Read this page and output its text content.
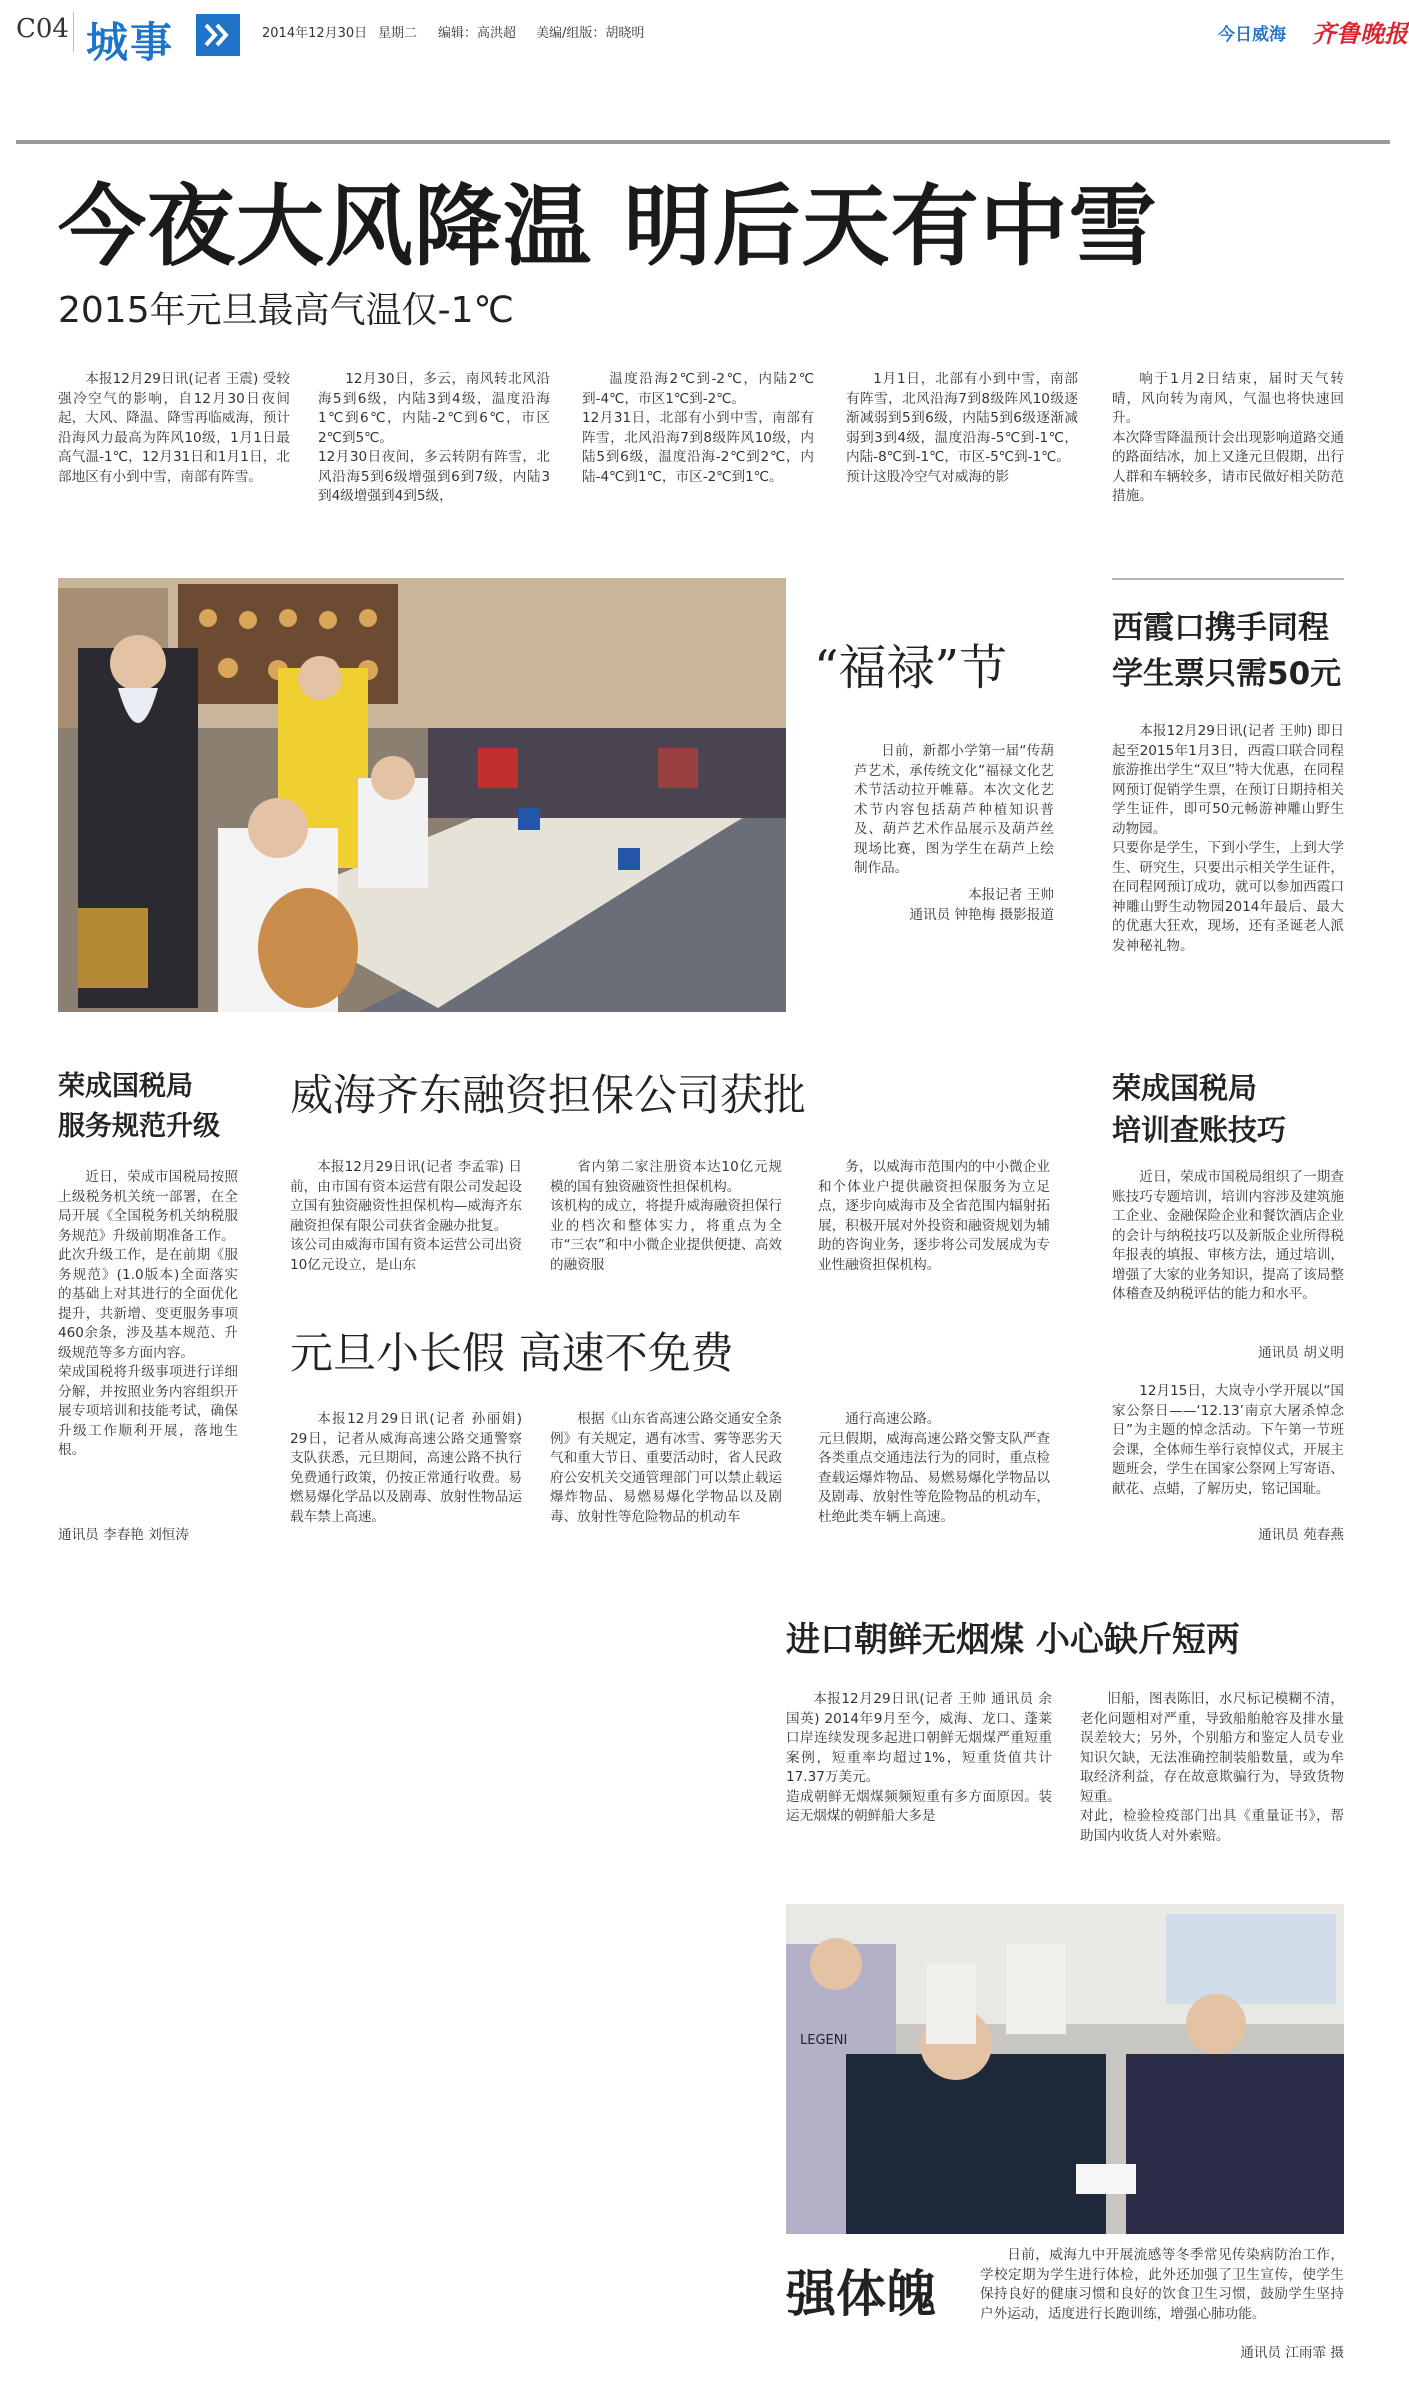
C04 城事	2014年12月30日 星期二 编辑：高洪超 美编/组版：胡晓明	今日威海 齐鲁晚报
今夜大风降温 明后天有中雪
2015年元旦最高气温仅-1℃

本报12月29日讯(记者 王震) 受较强冷空气的影响，自12月30日夜间起，大风、降温、降雪再临威海，预计沿海风力最高为阵风10级，1月1日最高气温-1℃，12月31日和1月1日，北部地区有小到中雪，南部有阵雪。

12月30日，多云，南风转北风沿海5到6级，内陆3到4级，温度沿海1℃到6℃，内陆-2℃到6℃，市区2℃到5℃。
12月30日夜间，多云转阴有阵雪，北风沿海5到6级增强到6到7级，内陆3到4级增强到4到5级，

温度沿海2℃到-2℃，内陆2℃到-4℃，市区1℃到-2℃。
12月31日，北部有小到中雪，南部有阵雪，北风沿海7到8级阵风10级，内陆5到6级，温度沿海-2℃到2℃，内陆-4℃到1℃，市区-2℃到1℃。

1月1日，北部有小到中雪，南部有阵雪，北风沿海7到8级阵风10级逐渐减弱到5到6级，内陆5到6级逐渐减弱到3到4级，温度沿海-5℃到-1℃，内陆-8℃到-1℃，市区-5℃到-1℃。
预计这股冷空气对威海的影

响于1月2日结束，届时天气转晴，风向转为南风，气温也将快速回升。
本次降雪降温预计会出现影响道路交通的路面结冰，加上又逢元旦假期，出行人群和车辆较多，请市民做好相关防范措施。

“福禄”节

日前，新都小学第一届“传葫芦艺术，承传统文化”福禄文化艺术节活动拉开帷幕。本次文化艺术节内容包括葫芦种植知识普及、葫芦艺术作品展示及葫芦丝现场比赛，图为学生在葫芦上绘制作品。

本报记者 王帅
通讯员 钟艳梅 摄影报道
西霞口携手同程
学生票只需50元

本报12月29日讯(记者 王帅) 即日起至2015年1月3日，西霞口联合同程旅游推出学生“双旦”特大优惠，在同程网预订促销学生票，在预订日期持相关学生证件，即可50元畅游神雕山野生动物园。
只要你是学生，下到小学生，上到大学生、研究生，只要出示相关学生证件，在同程网预订成功，就可以参加西霞口神雕山野生动物园2014年最后、最大的优惠大狂欢，现场，还有圣诞老人派发神秘礼物。

荣成国税局
服务规范升级

近日，荣成市国税局按照上级税务机关统一部署，在全局开展《全国税务机关纳税服务规范》升级前期准备工作。
此次升级工作，是在前期《服务规范》(1.0版本)全面落实的基础上对其进行的全面优化提升，共新增、变更服务事项460余条，涉及基本规范、升级规范等多方面内容。
荣成国税将升级事项进行详细分解，并按照业务内容组织开展专项培训和技能考试，确保升级工作顺利开展，落地生根。

通讯员 李春艳 刘恒涛
威海齐东融资担保公司获批

本报12月29日讯(记者 李孟霏) 日前，由市国有资本运营有限公司发起设立国有独资融资性担保机构—威海齐东融资担保有限公司获省金融办批复。
该公司由威海市国有资本运营公司出资10亿元设立，是山东

省内第二家注册资本达10亿元规模的国有独资融资性担保机构。
该机构的成立，将提升威海融资担保行业的档次和整体实力，将重点为全市“三农”和中小微企业提供便捷、高效的融资服

务，以威海市范围内的中小微企业和个体业户提供融资担保服务为立足点，逐步向威海市及全省范围内辐射拓展，积极开展对外投资和融资规划为辅助的咨询业务，逐步将公司发展成为专业性融资担保机构。

元旦小长假 高速不免费

本报12月29日讯(记者 孙丽娟) 29日，记者从威海高速公路交通警察支队获悉，元旦期间，高速公路不执行免费通行政策，仍按正常通行收费。易燃易爆化学品以及剧毒、放射性物品运载车禁上高速。

根据《山东省高速公路交通安全条例》有关规定，遇有冰雪、雾等恶劣天气和重大节日、重要活动时，省人民政府公安机关交通管理部门可以禁止载运爆炸物品、易燃易爆化学物品以及剧毒、放射性等危险物品的机动车

通行高速公路。
元旦假期，威海高速公路交警支队严查各类重点交通违法行为的同时，重点检查载运爆炸物品、易燃易爆化学物品以及剧毒、放射性等危险物品的机动车，杜绝此类车辆上高速。

荣成国税局
培训查账技巧

近日，荣成市国税局组织了一期查账技巧专题培训，培训内容涉及建筑施工企业、金融保险企业和餐饮酒店企业的会计与纳税技巧以及新版企业所得税年报表的填报、审核方法，通过培训，增强了大家的业务知识，提高了该局整体稽查及纳税评估的能力和水平。

通讯员 胡义明

12月15日，大岚寺小学开展以“国家公祭日——‘12.13’南京大屠杀悼念日”为主题的悼念活动。下午第一节班会课，全体师生举行哀悼仪式，开展主题班会，学生在国家公祭网上写寄语、献花、点蜡，了解历史，铭记国耻。

通讯员 苑春燕
进口朝鲜无烟煤 小心缺斤短两

本报12月29日讯(记者 王帅 通讯员 余国英) 2014年9月至今，威海、龙口、蓬莱口岸连续发现多起进口朝鲜无烟煤严重短重案例，短重率均超过1%，短重货值共计17.37万美元。
造成朝鲜无烟煤频频短重有多方面原因。装运无烟煤的朝鲜船大多是

旧船，图表陈旧，水尺标记模糊不清，老化问题相对严重，导致船舶舱容及排水量误差较大；另外，个别船方和鉴定人员专业知识欠缺，无法准确控制装船数量，或为牟取经济利益，存在故意欺骗行为，导致货物短重。
对此，检验检疫部门出具《重量证书》，帮助国内收货人对外索赔。

LEGENI
强体魄

日前，威海九中开展流感等冬季常见传染病防治工作，学校定期为学生进行体检，此外还加强了卫生宣传，使学生保持良好的健康习惯和良好的饮食卫生习惯，鼓励学生坚持户外运动，适度进行长跑训练，增强心肺功能。

通讯员 江雨霏 摄
